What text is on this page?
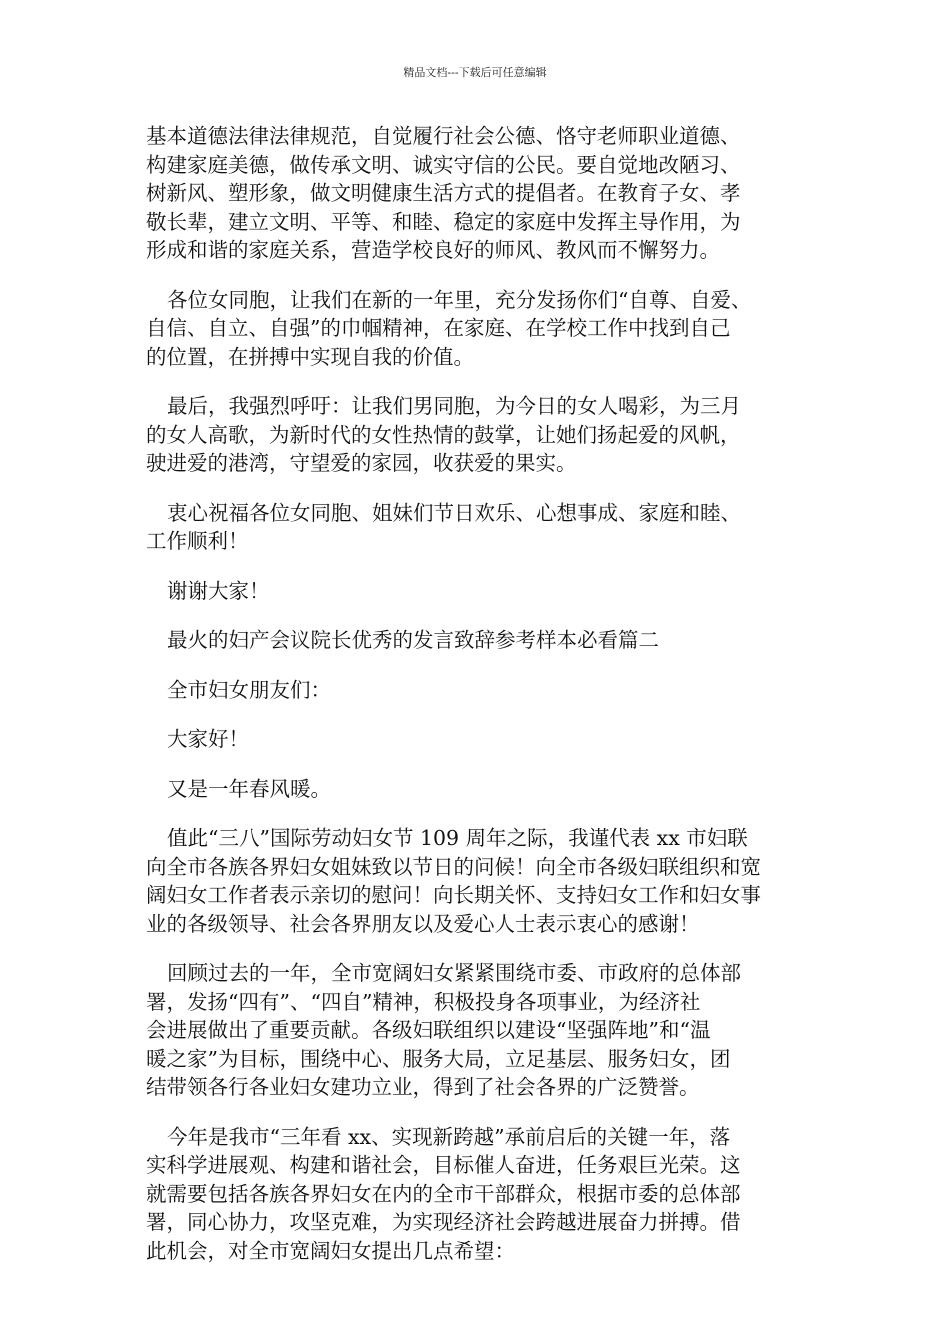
精品文档---下载后可任意编辑
基本道德法律法律规范，自觉履行社会公德、恪守老师职业道德、
构建家庭美德，做传承文明、诚实守信的公民。要自觉地改陋习、
树新风、塑形象，做文明健康生活方式的提倡者。在教育子女、孝
敬长辈，建立文明、平等、和睦、稳定的家庭中发挥主导作用，为
形成和谐的家庭关系，营造学校良好的师风、教风而不懈努力。
各位女同胞，让我们在新的一年里，充分发扬你们“自尊、自爱、
自信、自立、自强”的巾帼精神，在家庭、在学校工作中找到自己
的位置，在拼搏中实现自我的价值。
最后，我强烈呼吁：让我们男同胞，为今日的女人喝彩，为三月
的女人高歌，为新时代的女性热情的鼓掌，让她们扬起爱的风帆，
驶进爱的港湾，守望爱的家园，收获爱的果实。
衷心祝福各位女同胞、姐妹们节日欢乐、心想事成、家庭和睦、
工作顺利！
谢谢大家！
最火的妇产会议院长优秀的发言致辞参考样本必看篇二
全市妇女朋友们：
大家好！
又是一年春风暖。
值此“三八”国际劳动妇女节 109 周年之际，我谨代表 xx 市妇联
向全市各族各界妇女姐妹致以节日的问候！向全市各级妇联组织和宽
阔妇女工作者表示亲切的慰问！向长期关怀、支持妇女工作和妇女事
业的各级领导、社会各界朋友以及爱心人士表示衷心的感谢！
回顾过去的一年，全市宽阔妇女紧紧围绕市委、市政府的总体部
署，发扬“四有”、“四自”精神，积极投身各项事业，为经济社
会进展做出了重要贡献。各级妇联组织以建设“坚强阵地”和“温
暖之家”为目标，围绕中心、服务大局，立足基层、服务妇女，团
结带领各行各业妇女建功立业，得到了社会各界的广泛赞誉。
今年是我市“三年看 xx、实现新跨越”承前启后的关键一年，落
实科学进展观、构建和谐社会，目标催人奋进，任务艰巨光荣。这
就需要包括各族各界妇女在内的全市干部群众，根据市委的总体部
署，同心协力，攻坚克难，为实现经济社会跨越进展奋力拼搏。借
此机会，对全市宽阔妇女提出几点希望：
